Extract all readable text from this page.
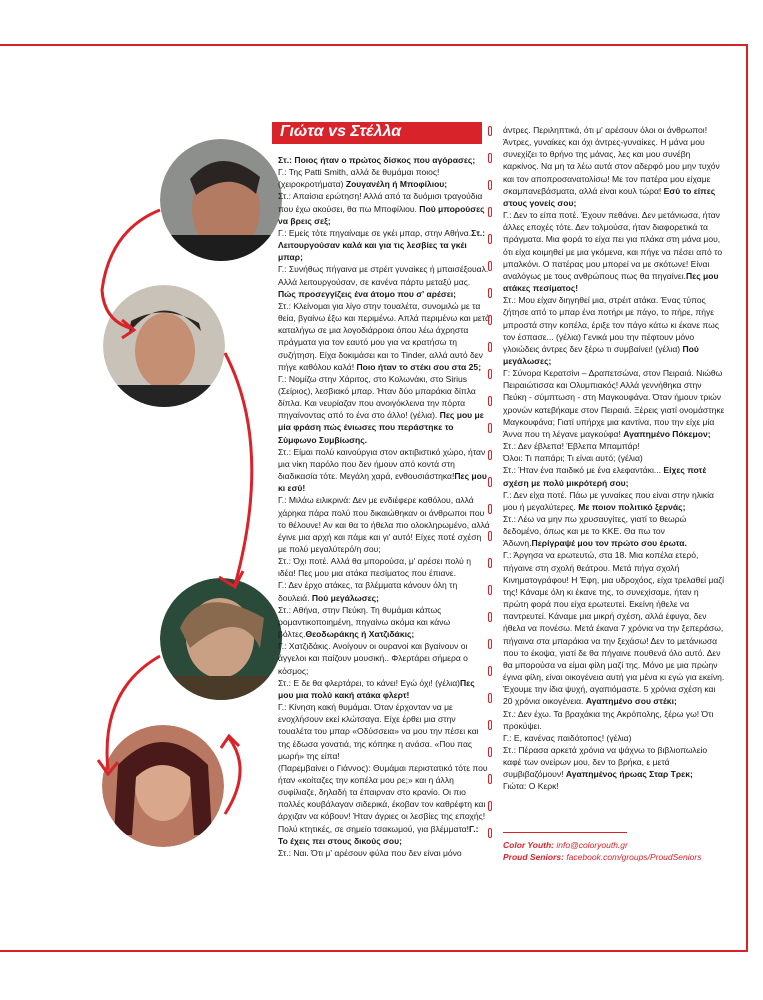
Γιώτα vs Στέλλα
Στ.: Ποιος ήταν ο πρώτος δίσκος που αγόρασες;
Γ.: Της Patti Smith, αλλά δε θυμάμαι ποιος! (χειροκροτήματα) Ζουγανέλη ή Μποφίλιου;
Στ.: Απαίσια ερώτηση! Αλλά από τα δυόμισι τραγούδια που έχω ακούσει, θα πω Μποφίλιου. Πού μπορούσες να βρεις σεξ;
Γ.: Εμείς τότε πηγαίναμε σε γκέι μπαρ, στην Αθήνα.Στ.: Λειτουργούσαν καλά και για τις λεσβίες τα γκέι μπαρ;
Γ.: Συνήθως πήγαινα με στρέιτ γυναίκες ή μπαισέξουαλ. Αλλά λειτουργούσαν, σε κανένα πάρτυ μεταξύ μας. Πώς προσεγγίζεις ένα άτομο που σ' αρέσει;
Στ.: Κλείνομαι για λίγο στην τουαλέτα, συνομιλώ με τα θεία, βγαίνω έξω και περιμένω. Απλά περιμένω και μετά καταλήγω σε μια λογοδιάρροια όπου λέω άχρηστα πράγματα για τον εαυτό μου για να κρατήσω τη συζήτηση. Είχα δοκιμάσει και το Tinder, αλλά αυτό δεν πήγε καθόλου καλά! Ποιο ήταν το στέκι σου στα 25;
Γ.: Νομίζω στην Χάριτος, στο Κολωνάκι, στο Sirius (Σείριος), λεσβιακό μπαρ. Ήταν δύο μπαράκια δίπλα δίπλα. Και νευρίαζαν που ανοιγόκλεινα την πόρτα πηγαίνοντας από το ένα στο άλλο! (γέλια). Πες μου με μία φράση πώς ένιωσες που περάστηκε το Σύμφωνο Συμβίωσης.
Στ.: Είμαι πολύ καινούργια στον ακτιβιστικό χώρο, ήταν μια νίκη παρόλο που δεν ήμουν από κοντά στη διαδικασία τότε. Μεγάλη χαρά, ενθουσιάστηκα!Πες μου κι εσύ!
Γ.: Μιλάω ειλικρινά: Δεν με ενδιέφερε καθόλου, αλλά χάρηκα πάρα πολύ που δικαιώθηκαν οι άνθρωποι που το θέλουνε! Αν και θα το ήθελα πιο ολοκληρωμένο, αλλά έγινε μια αρχή και πάμε και γι' αυτό! Είχες ποτέ σχέση με πολύ μεγαλύτερό/η σου;
Στ.: Όχι ποτέ. Αλλά θα μπορούσα, μ' αρέσει πολύ η ιδέα! Πες μου μια ατάκα πεσίματος που έπιανε.
Γ.: Δεν έρχο ατάκες, τα βλέμματα κάνουν όλη τη δουλειά. Πού μεγάλωσες;
Στ.: Αθήνα, στην Πεύκη. Τη θυμάμαι κάπως ρομαντικοποιημένη, πηγαίνω ακόμα και κάνω βόλτες.Θεοδωράκης ή Χατζιδάκις;
Γ.: Χατζιδάκις. Ανοίγουν οι ουρανοί και βγαίνουν οι άγγελοι και παίζουν μουσική.. Φλερτάρει σήμερα ο κόσμος;
Στ.: Ε δε θα φλερτάρει, το κάνει! Εγώ όχι! (γέλια)Πες μου μια πολύ κακή ατάκα φλερτ!
Γ.: Κίνηση κακή θυμάμαι. Όταν έρχονταν να με ενοχλήσουν εκεί κλώτσαγα. Είχε έρθει μια στην τουαλέτα του μπαρ «Οδύσσεια» να μου την πέσει και της έδωσα γονατιά, της κόπηκε η ανάσα. «Που πας μωρή» της είπα!
(Παρεμβαίνει ο Γιάννος): Θυμάμαι περιστατικό τότε που ήταν «κοίταζες την κοπέλα μου ρε;» και η άλλη συφίλιαζε, δηλαδή τα έπαιρναν στο κρανίο. Οι πιο πολλές κουβάλαγαν σιδερικά, έκοβαν τον καθρέφτη και άρχιζαν να κόβουν! Ήταν άγριες οι λεσβίες της εποχής! Πολύ κτητικές, σε σημείο τσακωμού, για βλέμματα!Γ.: Το έχεις πει στους δικούς σου;
Στ.: Ναι. Ότι μ' αρέσουν φύλα που δεν είναι μόνο

άντρες. Περιληπτικά, ότι μ' αρέσουν όλοι οι άνθρωποι! Άντρες, γυναίκες και όχι άντρες-γυναίκες. Η μάνα μου συνεχίζει το θρήνο της μάνας, λες και μου συνέβη καρκίνος. Να μη τα λέω αυτά στον αδερφό μου μην τυχόν και τον αποπροσανατολίσω! Με τον πατέρα μου είχαμε σκαμπανεβάσματα, αλλά είναι κουλ τώρα! Εσύ το είπες στους γονείς σου;
Γ.: Δεν το είπα ποτέ. Έχουν πεθάνει. Δεν μετάνιωσα, ήταν άλλες εποχές τότε. Δεν τολμούσα, ήταν διαφορετικά τα πράγματα. Μια φορά το είχα πει για πλάκα στη μάνα μου, ότι είχα κοιμηθεί με μια γκόμενα, και πήγε να πέσει από το μπαλκόνι. Ο πατέρας μου μπορεί να με σκότωνε! Είναι αναλόγως με τους ανθρώπους πως θα πηγαίνει.Πες μου ατάκες πεσίματος!
Στ.: Μου είχαν διηγηθεί μια, στρέιτ ατάκα. Ένας τύπος ζήτησε από το μπαρ ένα ποτήρι με πάγο, το πήρε, πήγε μπροστά στην κοπέλα, έριξε τον πάγο κάτω κι έκανε πως τον έσπασε... (γέλια) Γενικά μου την πέφτουν μόνο γλοιώδεις άντρες δεν ξέρω τι συμβαίνει! (γέλια) Πού μεγάλωσες;
Γ: Σύνορα Κερατσίνι – Δραπετσώνα, στον Πειραιά. Νιώθω Πειραιώτισσα και Ολυμπιακός! Αλλά γεννήθηκα στην Πεύκη - σύμπτωση - στη Μαγκουφάνα. Όταν ήμουν τριών χρονών κατεβήκαμε στον Πειραιά. Ξέρεις γιατί ονομάστηκε Μαγκουφάνα; Γιατί υπήρχε μια καντίνα, που την είχε μία Άννα που τη λέγανε μαγκούφα! Αγαπημένο Πόκεμον;
Στ.: Δεν έβλεπα! Έβλεπα Μπαμπάρ!
Όλοι: Τι παπάρι; Τι είναι αυτό; (γέλια)
Στ.: Ήταν ένα παιδικό με ένα ελεφαντάκι... Είχες ποτέ σχέση με πολύ μικρότερή σου;
Γ.: Δεν είχα ποτέ. Πάω με γυναίκες που είναι στην ηλικία μου ή μεγαλύτερες. Με ποιον πολιτικό ξερνάς;
Στ.: Λέω να μην πω χρυσαυγίτες, γιατί το θεωρώ δεδομένο, όπως και με το ΚΚΕ. Θα πω τον Άδωνη.Περίγραψέ μου τον πρώτο σου έρωτα.
Γ.: Άργησα να ερωτευτώ, στα 18. Μια κοπέλα ετερό, πήγαινε στη σχολή θεάτρου. Μετά πήγα σχολή Κινηματογράφου! Η Έφη, μια υδροχόος, είχα τρελαθεί μαζί της! Κάναμε όλη κι έκανε της, το συνεχίσαμε, ήταν η πρώτη φορά που είχα ερωτευτεί. Εκείνη ήθελε να παντρευτεί. Κάναμε μια μικρή σχέση, αλλά έφυγα, δεν ήθελα να πονέσω. Μετά έκανα 7 χρόνια να την ξεπεράσω, πήγαινα στα μπαράκια να την ξεχάσω! Δεν το μετάνιωσα που το έκοψα, γιατί δε θα πήγαινε πουθενά όλο αυτό. Δεν θα μπορούσα να είμαι φίλη μαζί της. Μόνο με μια πρώην έγινα φίλη, είναι οικογένεια αυτή για μένα κι εγώ για εκείνη. Έχουμε την ίδια ψυχή, αγαπιόμαστε. 5 χρόνια σχέση και 20 χρόνια οικογένεια. Αγαπημένο σου στέκι;
Στ.: Δεν έχω. Τα βραχάκια της Ακρόπολης, ξέρω γω! Ότι προκύψει.
Γ.: Ε, κανένας παιδότοπος! (γέλια)
Στ.: Πέρασα αρκετά χρόνια να ψάχνω το βιβλιοπωλείο καφέ των ονείρων μου, δεν το βρήκα, ε μετά συμβιβαζόμουν! Αγαπημένος ήρωας Σταρ Τρεκ;
Γιώτα: Ο Κερκ!

Color Youth: info@coloryouth.gr
Proud Seniors: facebook.com/groups/ProudSeniors
